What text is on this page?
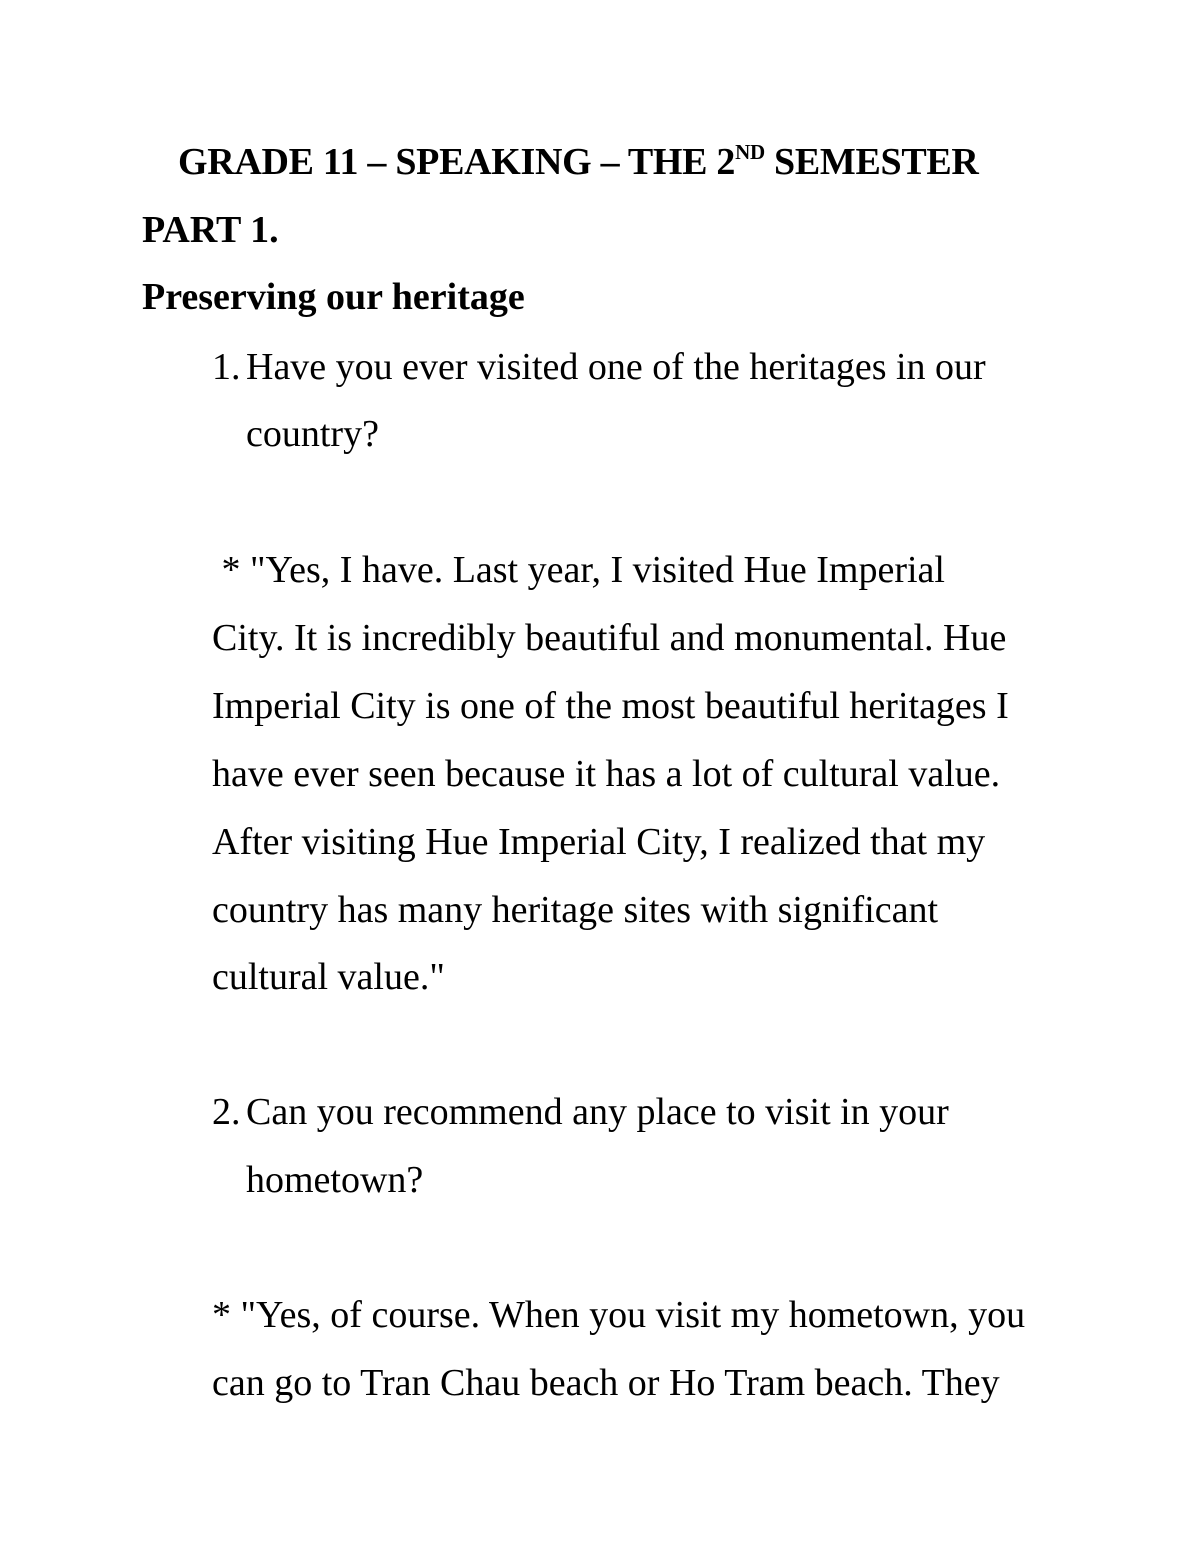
GRADE 11 – SPEAKING – THE 2ND SEMESTER
PART 1.
Preserving our heritage
1. Have you ever visited one of the heritages in our
country?
* "Yes, I have. Last year, I visited Hue Imperial
City. It is incredibly beautiful and monumental. Hue
Imperial City is one of the most beautiful heritages I
have ever seen because it has a lot of cultural value.
After visiting Hue Imperial City, I realized that my
country has many heritage sites with significant
cultural value."
2. Can you recommend any place to visit in your
hometown?
* "Yes, of course. When you visit my hometown, you
can go to Tran Chau beach or Ho Tram beach. They
